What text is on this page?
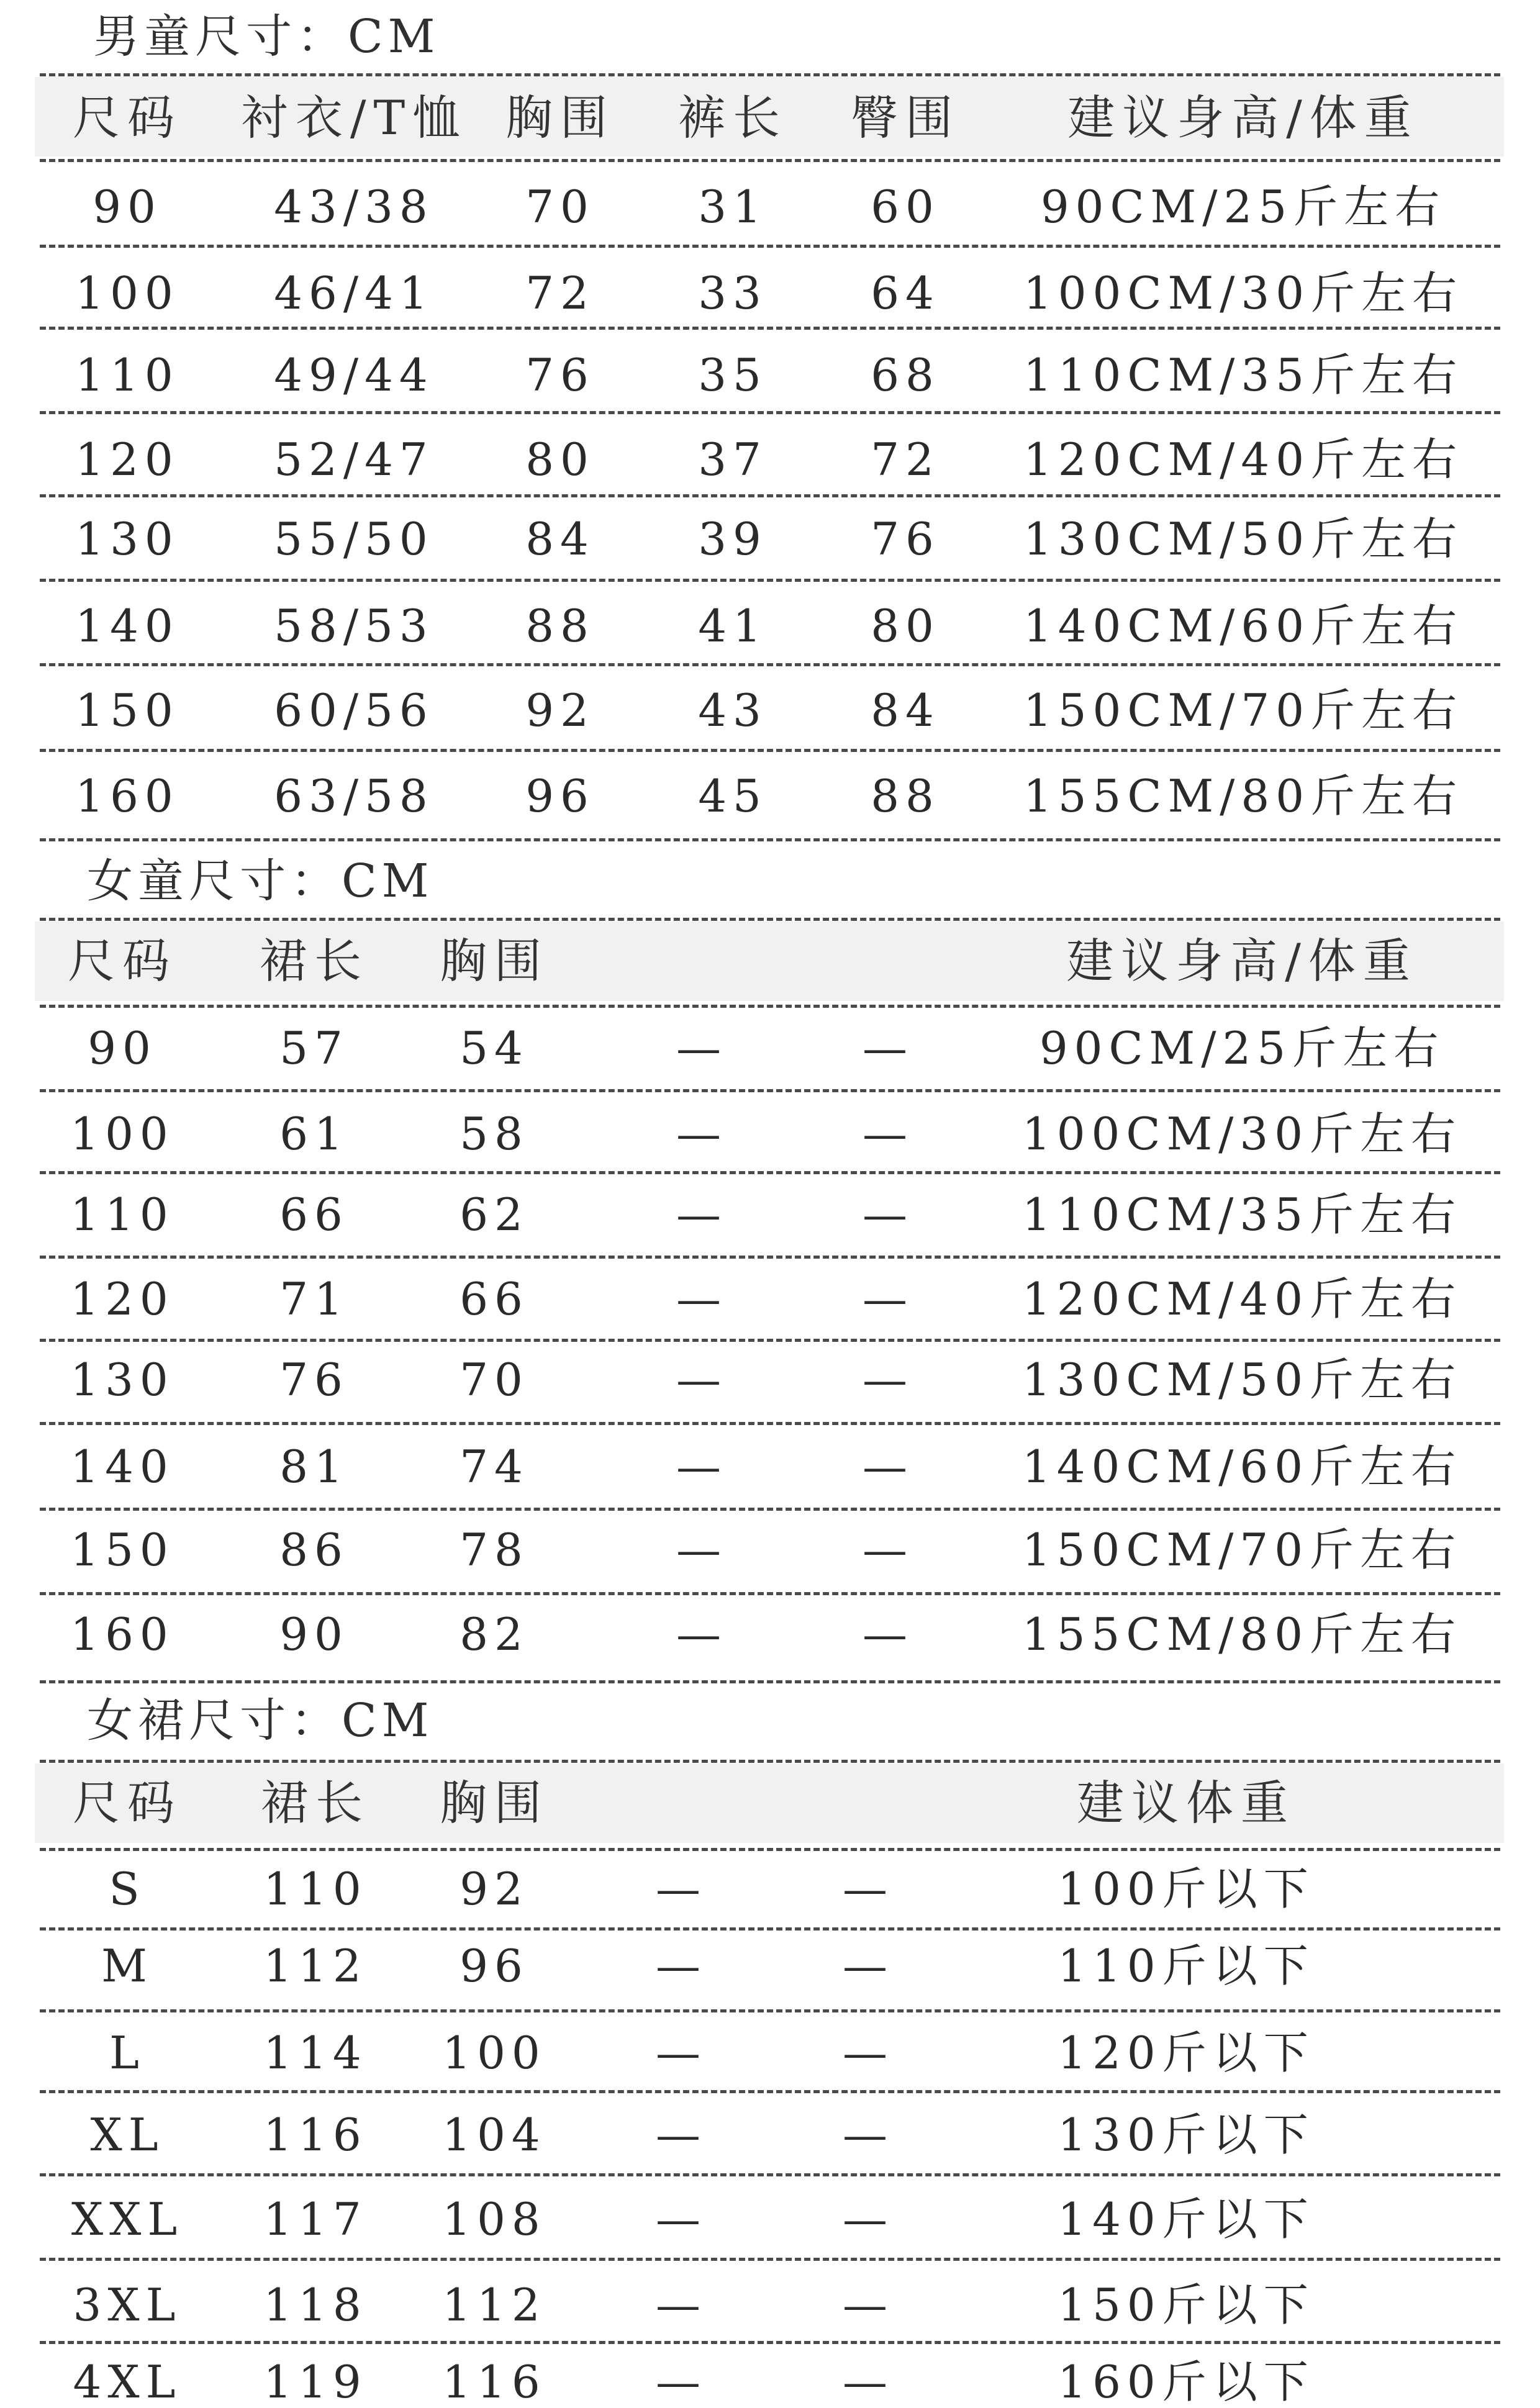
男童尺寸：CM
尺码 衬衣/T恤 胸围 裤长 臀围 建议身高/体重
90	43/38 70 31 60 90CM/25斤左右
100 46/41 72 33 64 100CM/30斤左右
110 49/44 76 35 68 110CM/35斤左右
120 52/47 80 37 72 120CM/40斤左右
130 55/50 84 39 76 130CM/50斤左右
140 58/53 88 41 80 140CM/60斤左右
150 60/56 92 43 84 150CM/70斤左右
160 63/58 96 45 88 155CM/80斤左右
女童尺寸：CM
尺码 裙长 胸围	建议身高/体重
90	57 54	—	—	90CM/25斤左右
100 61 58	—	— 100CM/30斤左右
110 66 62	—	— 110CM/35斤左右
120 71 66	—	— 120CM/40斤左右
130 76 70	—	— 130CM/50斤左右
140 81 74	—	— 140CM/60斤左右
150 86 78	—	— 150CM/70斤左右
160 90 82	—	— 155CM/80斤左右
女裙尺寸：CM
尺码 裙长 胸围	建议体重
S	110 92	—	—	100斤以下
M 112 96	—	—	110斤以下
L	114 100 —	—	120斤以下
XL 116 104 —	—	130斤以下
XXL 117 108 —	—	140斤以下
3XL 118 112 —	—	150斤以下
4XL 119 116 —	—	160斤以下
